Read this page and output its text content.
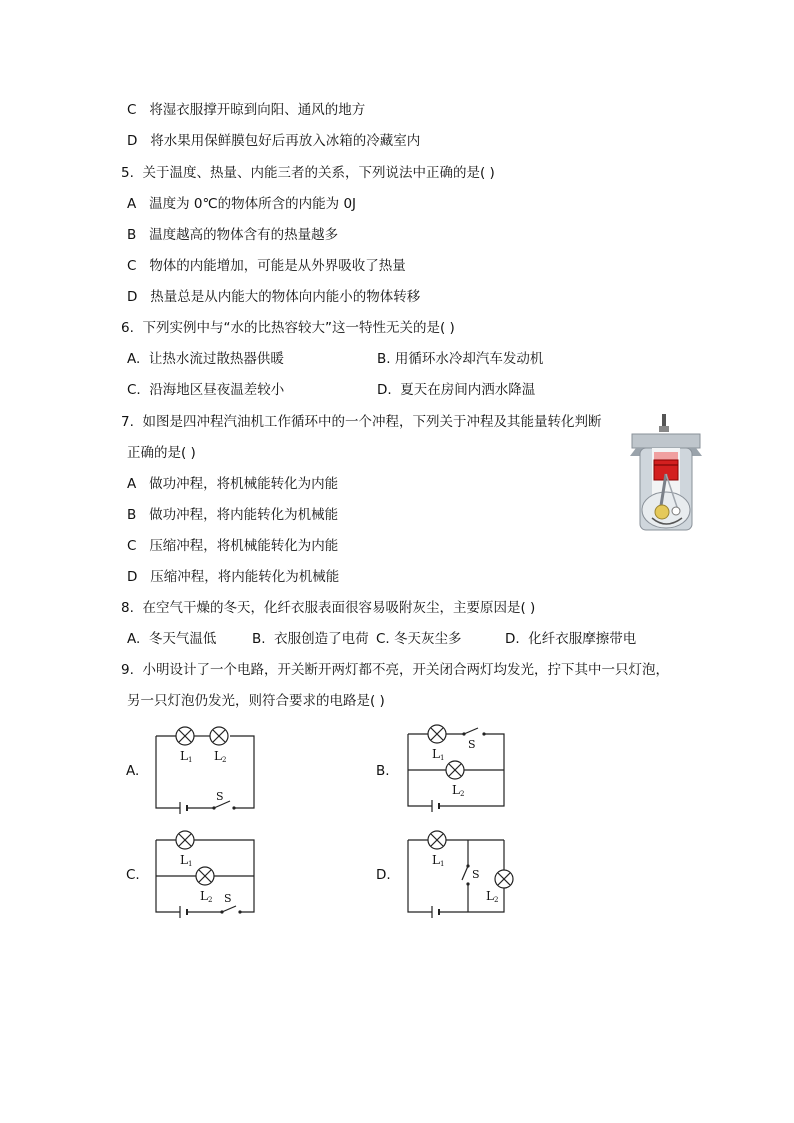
C 将湿衣服撑开晾到向阳、通风的地方
D 将水果用保鲜膜包好后再放入冰箱的冷藏室内
5. 关于温度、热量、内能三者的关系，下列说法中正确的是( )
A 温度为 0℃的物体所含的内能为 0J
B 温度越高的物体含有的热量越多
C 物体的内能增加，可能是从外界吸收了热量
D 热量总是从内能大的物体向内能小的物体转移
6. 下列实例中与“水的比热容较大”这一特性无关的是( )
A. 让热水流过散热器供暖	B. 用循环水冷却汽车发动机
C. 沿海地区昼夜温差较小	D. 夏天在房间内洒水降温
7. 如图是四冲程汽油机工作循环中的一个冲程，下列关于冲程及其能量转化判断
正确的是( )
A 做功冲程，将机械能转化为内能
B 做功冲程，将内能转化为机械能
C 压缩冲程，将机械能转化为内能
D 压缩冲程，将内能转化为机械能
8. 在空气干燥的冬天，化纤衣服表面很容易吸附灰尘，主要原因是( )
A. 冬天气温低	B. 衣服创造了电荷 C. 冬天灰尘多	D. 化纤衣服摩擦带电
9. 小明设计了一个电路，开关断开两灯都不亮，开关闭合两灯均发光，拧下其中一只灯泡，
另一只灯泡仍发光，则符合要求的电路是( )
A.
L1 L2
S
B.
L1
L2
S
C.
L1
L2 S
D.
L1
L2
S
